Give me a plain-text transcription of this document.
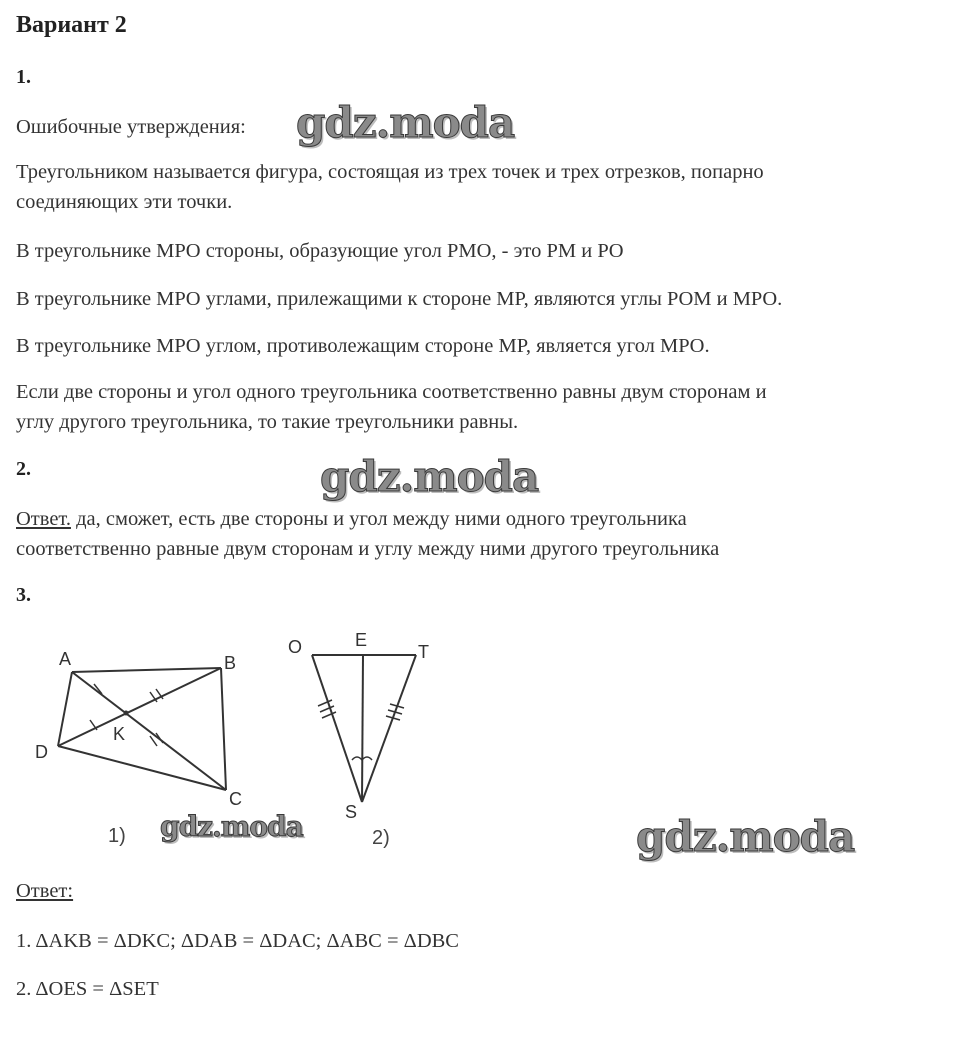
Вариант 2
1.
Ошибочные утверждения: gdz.moda
Треугольником называется фигура, состоящая из трех точек и трех отрезков, попарно
соединяющих эти точки.
В треугольнике MPO стороны, образующие угол PMO, - это PM и PO
В треугольнике MPO углами, прилежащими к стороне MP, являются углы POM и MPO.
В треугольнике MPO углом, противолежащим стороне MP, является угол MPO.
Если две стороны и угол одного треугольника соответственно равны двум сторонам и
углу другого треугольника, то такие треугольники равны.
2.	gdz.moda
Ответ. да, сможет, есть две стороны и угол между ними одного треугольника
соответственно равные двум сторонам и углу между ними другого треугольника
3.
A	B
C
D
K
1)
O	E
T
S
2)
gdz.moda	gdz.moda
Ответ:
1. ΔAKB = ΔDKC; ΔDAB = ΔDAC; ΔABC = ΔDBC
2. ΔOES = ΔSET
